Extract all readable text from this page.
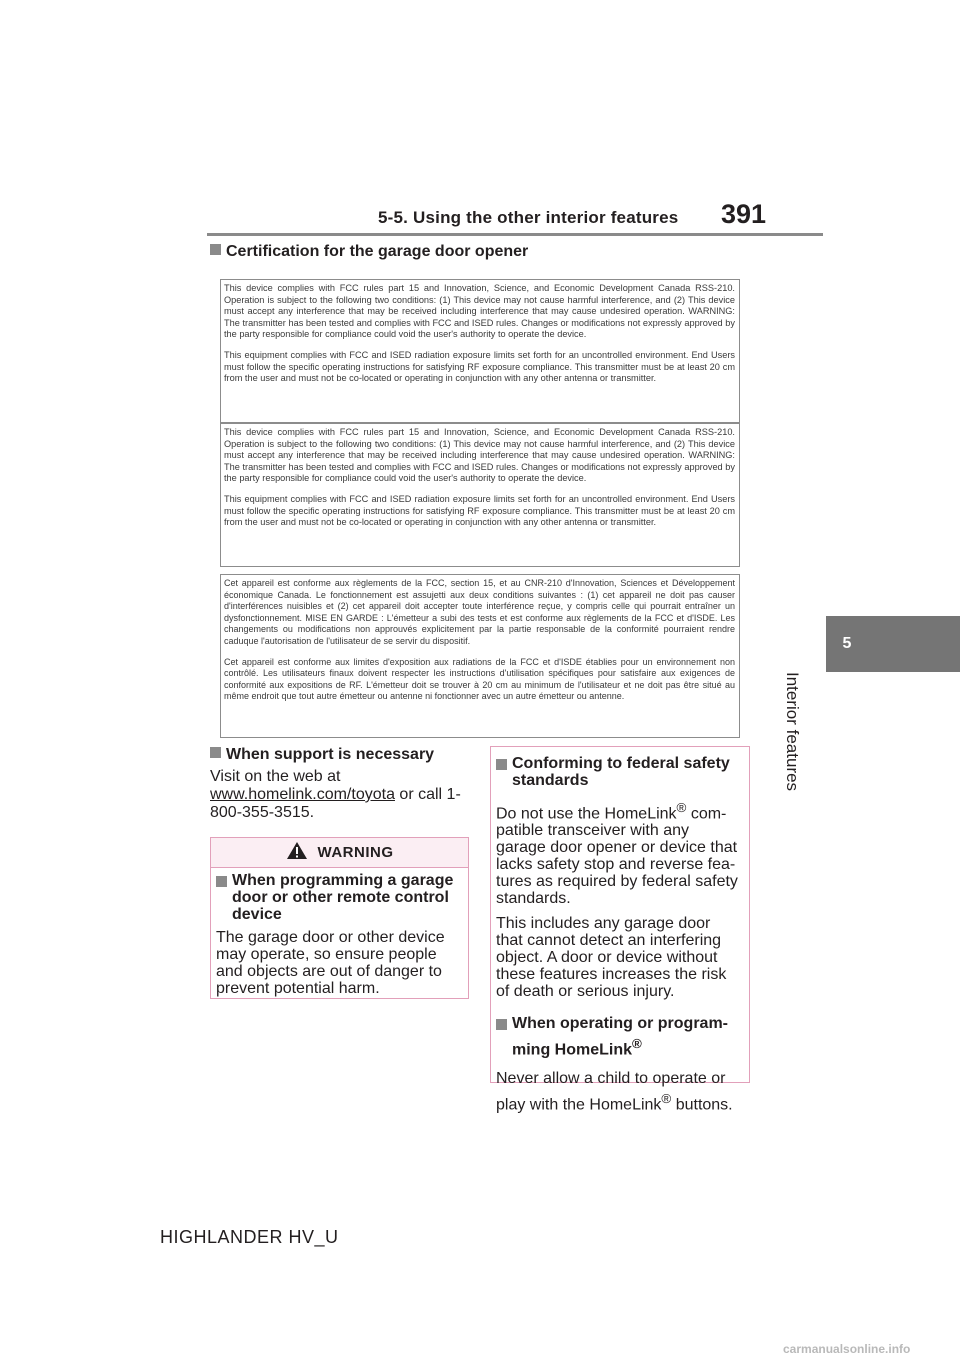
5-5. Using the other interior features 391
5
Interior features
Certification for the garage door opener

This device complies with FCC rules part 15 and Innovation, Science, and Economic Development Canada RSS-210. Operation is subject to the following two conditions: (1) This device may not cause harmful interference, and (2) This device must accept any interference that may be received including interference that may cause undesired operation. WARNING: The transmitter has been tested and complies with FCC and ISED rules. Changes or modifications not expressly approved by the party responsible for compliance could void the user's authority to operate the device.

This equipment complies with FCC and ISED radiation exposure limits set forth for an uncontrolled environment. End Users must follow the specific operating instructions for satisfying RF exposure compliance. This transmitter must be at least 20 cm from the user and must not be co-located or operating in conjunction with any other antenna or transmitter.

This device complies with FCC rules part 15 and Innovation, Science, and Economic Development Canada RSS-210. Operation is subject to the following two conditions: (1) This device may not cause harmful interference, and (2) This device must accept any interference that may be received including interference that may cause undesired operation. WARNING: The transmitter has been tested and complies with FCC and ISED rules. Changes or modifications not expressly approved by the party responsible for compliance could void the user's authority to operate the device.

This equipment complies with FCC and ISED radiation exposure limits set forth for an uncontrolled environment. End Users must follow the specific operating instructions for satisfying RF exposure compliance. This transmitter must be at least 20 cm from the user and must not be co-located or operating in conjunction with any other antenna or transmitter.

Cet appareil est conforme aux règlements de la FCC, section 15, et au CNR-210 d'Innovation, Sciences et Développement économique Canada. Le fonctionnement est assujetti aux deux conditions suivantes : (1) cet appareil ne doit pas causer d'interférences nuisibles et (2) cet appareil doit accepter toute interférence reçue, y compris celle qui pourrait entraîner un dysfonctionnement. MISE EN GARDE : L'émetteur a subi des tests et est conforme aux règlements de la FCC et d'ISDE. Les changements ou modifications non approuvés explicitement par la partie responsable de la conformité pourraient rendre caduque l'autorisation de l'utilisateur de se servir du dispositif.

Cet appareil est conforme aux limites d'exposition aux radiations de la FCC et d'ISDE établies pour un environnement non contrôlé. Les utilisateurs finaux doivent respecter les instructions d'utilisation spécifiques pour satisfaire aux exigences de conformité aux expositions de RF. L'émetteur doit se trouver à 20 cm au minimum de l'utilisateur et ne doit pas être situé au même endroit que tout autre émetteur ou antenne ni fonctionner avec un autre émetteur ou antenne.

When support is necessary
Visit on the web at
www.homelink.com/toyota or call 1-800-355-3515.
WARNING
When programming a garage door or other remote control device
The garage door or other device may operate, so ensure people and objects are out of danger to prevent potential harm.
Conforming to federal safety standards
Do not use the HomeLink® com-patible transceiver with any garage door opener or device that lacks safety stop and reverse fea-tures as required by federal safety standards.
This includes any garage door that cannot detect an interfering object. A door or device without these features increases the risk of death or serious injury.
When operating or program-ming HomeLink®
Never allow a child to operate or play with the HomeLink® buttons.
HIGHLANDER HV_U
carmanualsonline.info
